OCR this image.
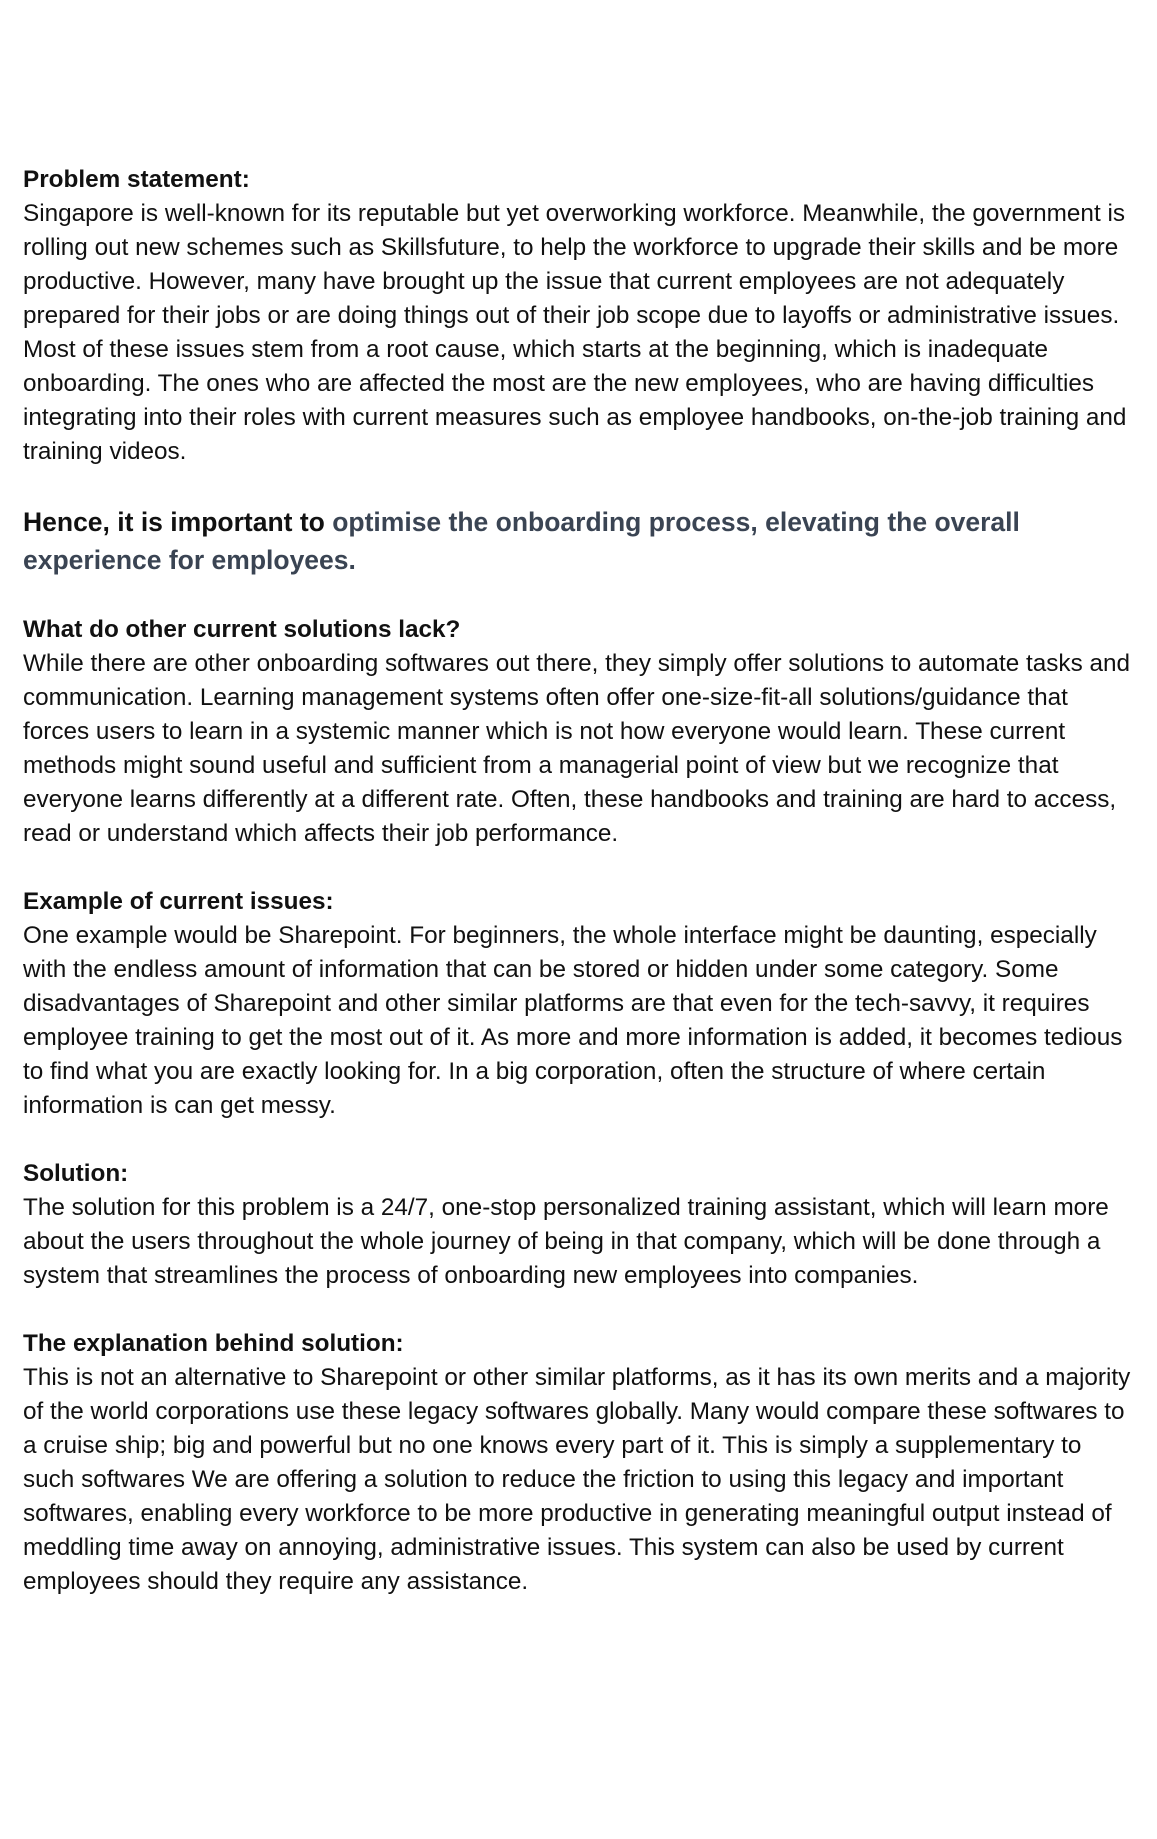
Problem statement:
Singapore is well-known for its reputable but yet overworking workforce. Meanwhile, the government is rolling out new schemes such as Skillsfuture, to help the workforce to upgrade their skills and be more productive. However, many have brought up the issue that current employees are not adequately prepared for their jobs or are doing things out of their job scope due to layoffs or administrative issues. Most of these issues stem from a root cause, which starts at the beginning, which is inadequate onboarding. The ones who are affected the most are the new employees, who are having difficulties integrating into their roles with current measures such as employee handbooks, on-the-job training and training videos.
Hence, it is important to optimise the onboarding process, elevating the overall experience for employees.
What do other current solutions lack?
While there are other onboarding softwares out there, they simply offer solutions to automate tasks and communication. Learning management systems often offer one-size-fit-all solutions/guidance that forces users to learn in a systemic manner which is not how everyone would learn. These current methods might sound useful and sufficient from a managerial point of view but we recognize that everyone learns differently at a different rate. Often, these handbooks and training are hard to access, read or understand which affects their job performance.
Example of current issues:
One example would be Sharepoint. For beginners, the whole interface might be daunting, especially with the endless amount of information that can be stored or hidden under some category. Some disadvantages of Sharepoint and other similar platforms are that even for the tech-savvy, it requires employee training to get the most out of it. As more and more information is added, it becomes tedious to find what you are exactly looking for. In a big corporation, often the structure of where certain information is can get messy.
Solution:
The solution for this problem is a 24/7, one-stop personalized training assistant, which will learn more about the users throughout the whole journey of being in that company, which will be done through a system that streamlines the process of onboarding new employees into companies.
The explanation behind solution:
This is not an alternative to Sharepoint or other similar platforms, as it has its own merits and a majority of the world corporations use these legacy softwares globally. Many would compare these softwares to a cruise ship; big and powerful but no one knows every part of it. This is simply a supplementary to such softwares We are offering a solution to reduce the friction to using this legacy and important softwares, enabling every workforce to be more productive in generating meaningful output instead of meddling time away on annoying, administrative issues. This system can also be used by current employees should they require any assistance.
